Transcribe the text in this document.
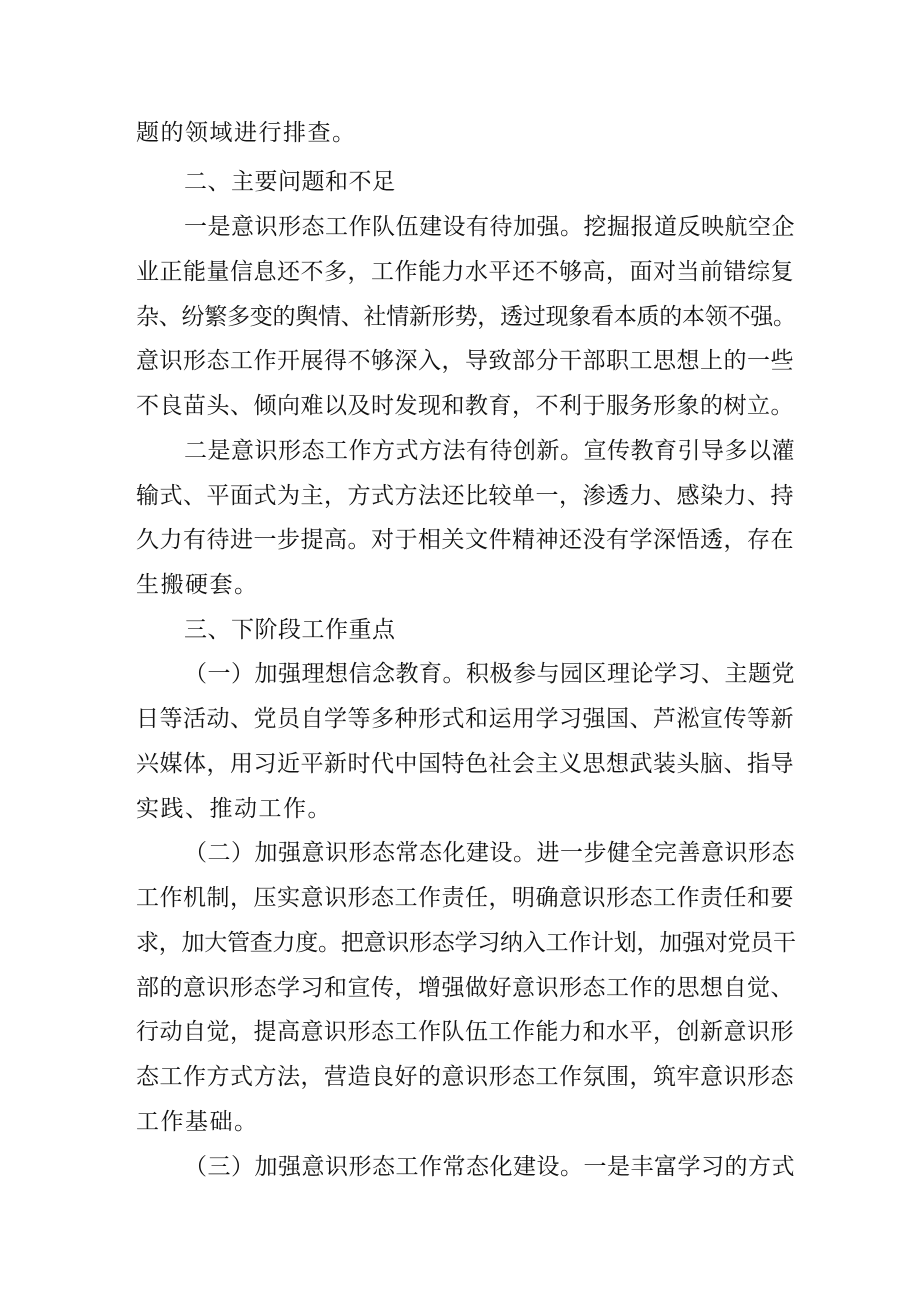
题的领域进行排查。
二、主要问题和不足
一是意识形态工作队伍建设有待加强。挖掘报道反映航空企
业正能量信息还不多，工作能力水平还不够高，面对当前错综复
杂、纷繁多变的舆情、社情新形势，透过现象看本质的本领不强。
意识形态工作开展得不够深入，导致部分干部职工思想上的一些
不良苗头、倾向难以及时发现和教育，不利于服务形象的树立。
二是意识形态工作方式方法有待创新。宣传教育引导多以灌
输式、平面式为主，方式方法还比较单一，渗透力、感染力、持
久力有待进一步提高。对于相关文件精神还没有学深悟透，存在
生搬硬套。
三、下阶段工作重点
（一）加强理想信念教育。积极参与园区理论学习、主题党
日等活动、党员自学等多种形式和运用学习强国、芦淞宣传等新
兴媒体，用习近平新时代中国特色社会主义思想武装头脑、指导
实践、推动工作。
（二）加强意识形态常态化建设。进一步健全完善意识形态
工作机制，压实意识形态工作责任，明确意识形态工作责任和要
求，加大管查力度。把意识形态学习纳入工作计划，加强对党员干
部的意识形态学习和宣传，增强做好意识形态工作的思想自觉、
行动自觉，提高意识形态工作队伍工作能力和水平，创新意识形
态工作方式方法，营造良好的意识形态工作氛围，筑牢意识形态
工作基础。
（三）加强意识形态工作常态化建设。一是丰富学习的方式
